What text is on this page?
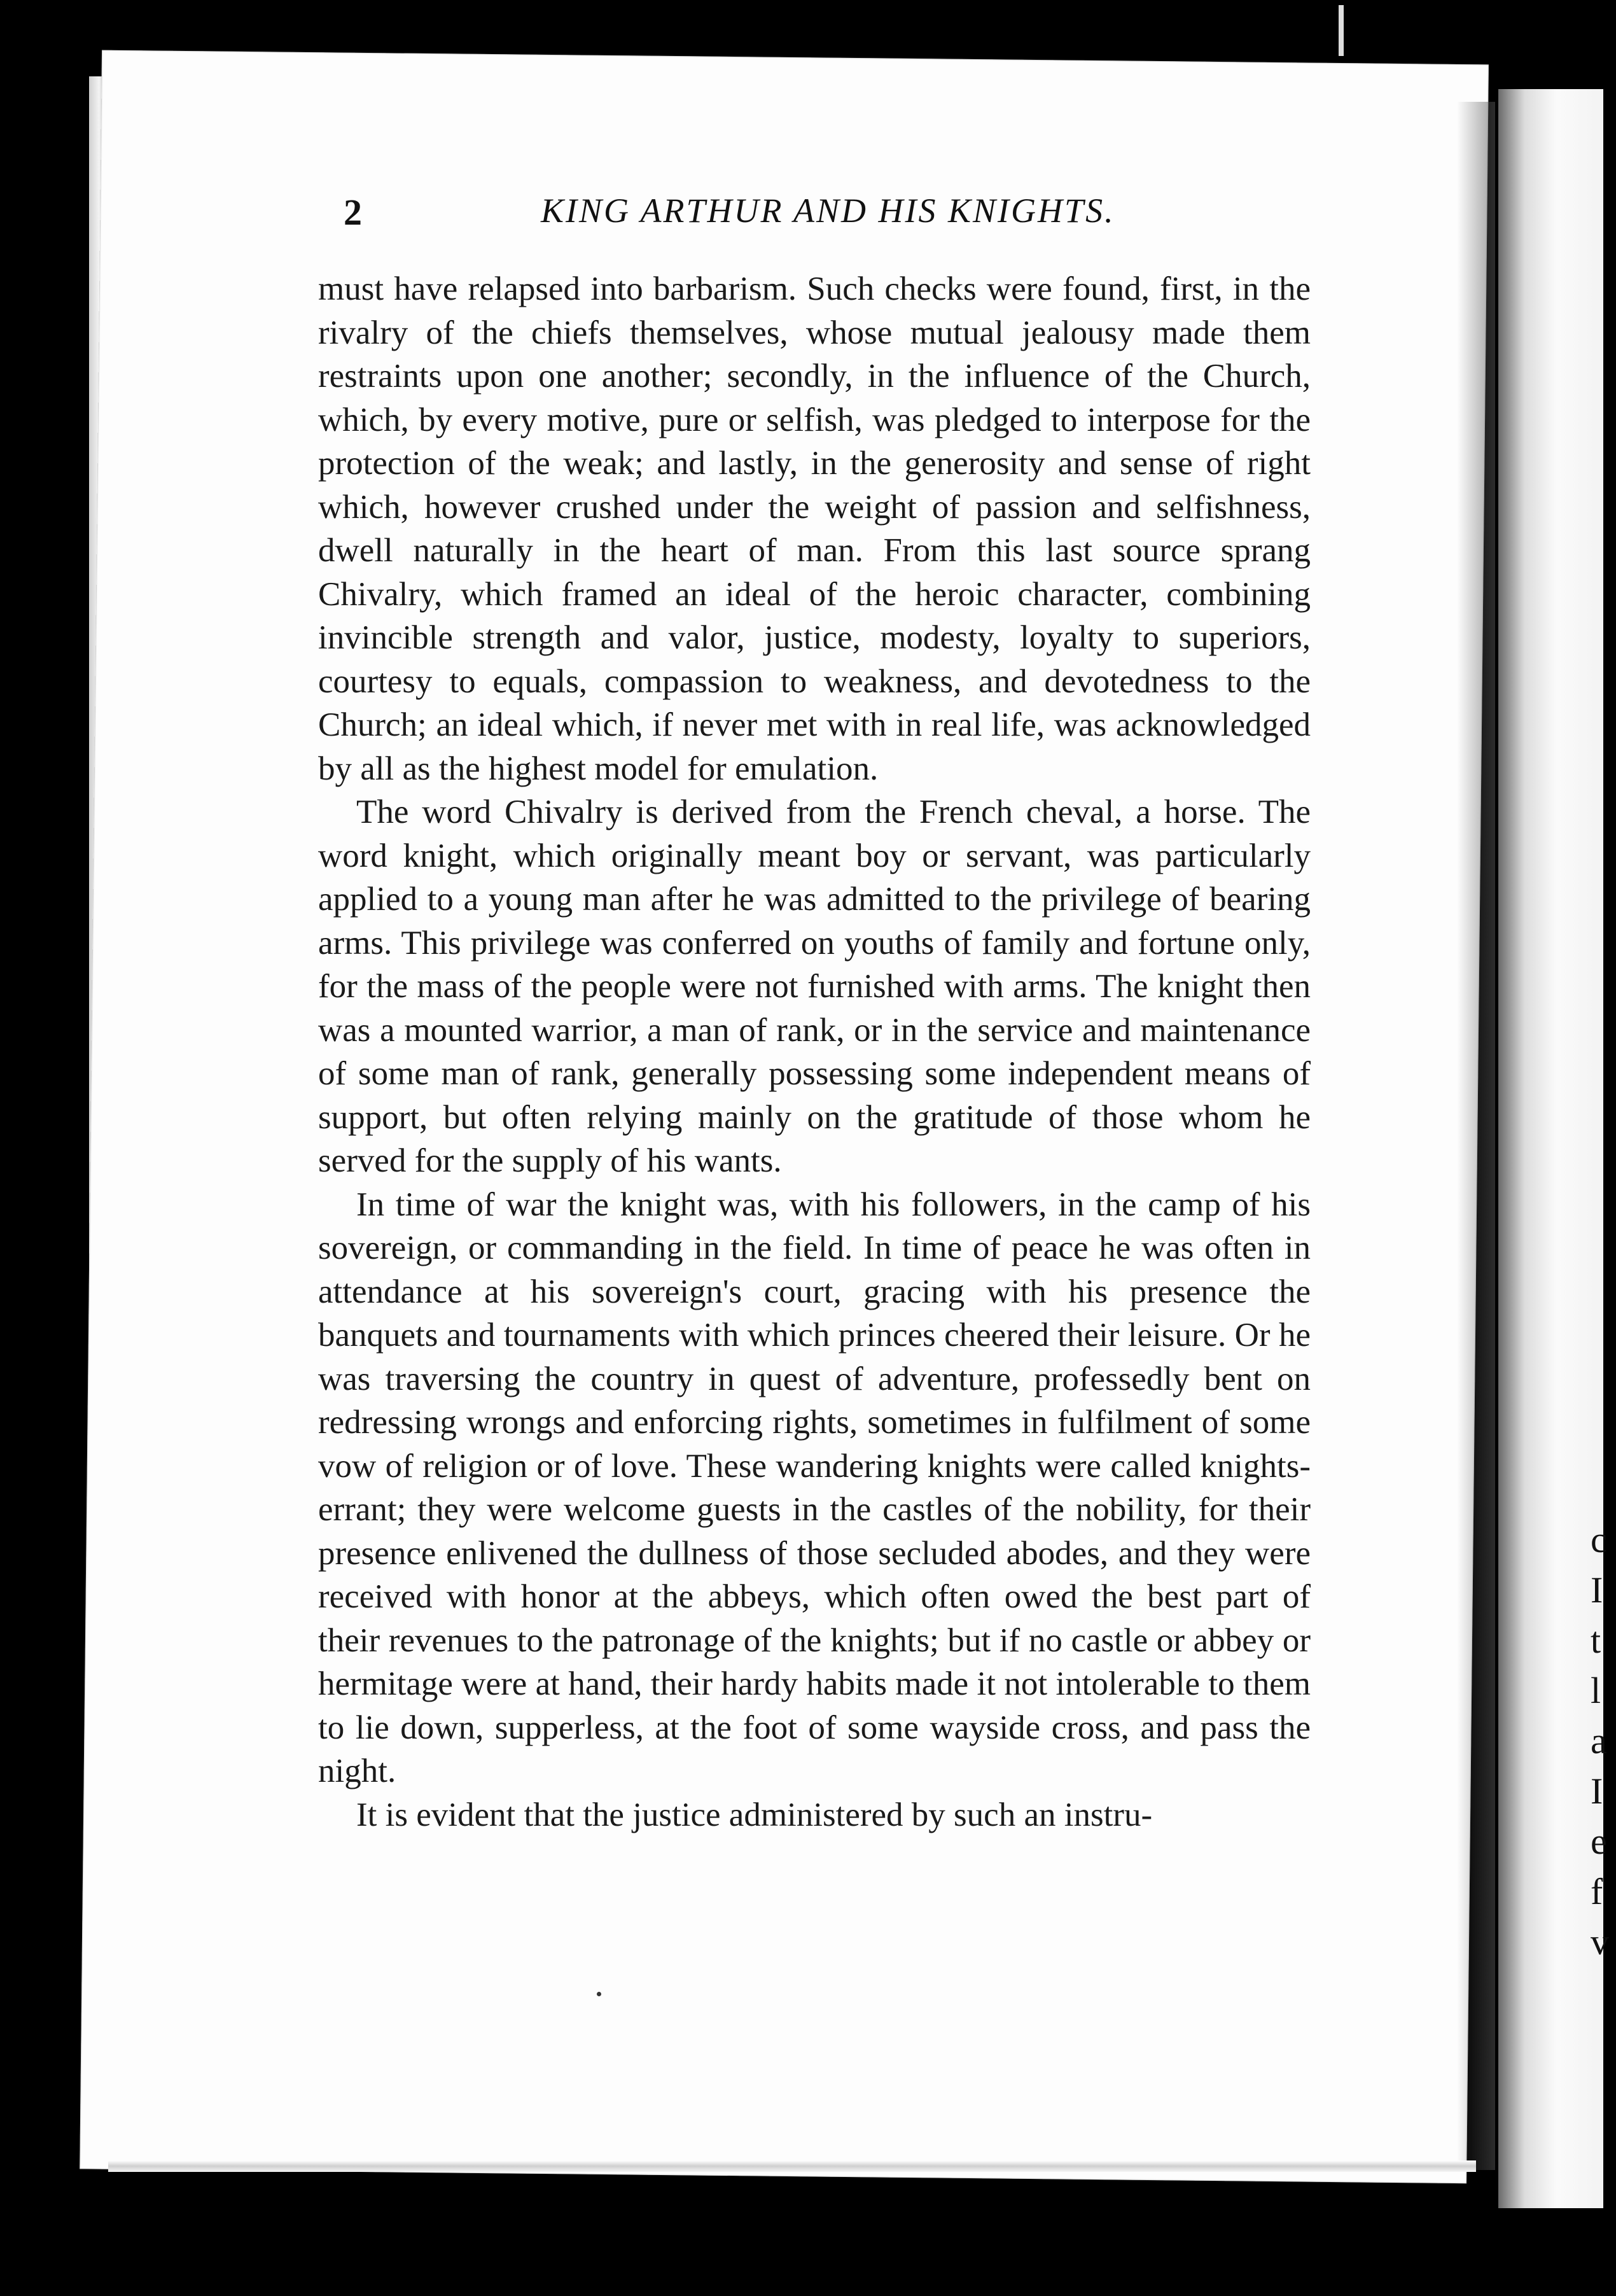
c
I
t
l
a
I
e
f
v
2	KING ARTHUR AND HIS KNIGHTS.

must have relapsed into barbarism. Such checks were found, first, in the rivalry of the chiefs themselves, whose mutual jealousy made them restraints upon one another; secondly, in the influence of the Church, which, by every motive, pure or selfish, was pledged to interpose for the protection of the weak; and lastly, in the generosity and sense of right which, however crushed under the weight of passion and selfishness, dwell naturally in the heart of man. From this last source sprang Chivalry, which framed an ideal of the heroic character, combining invincible strength and valor, justice, modesty, loyalty to superiors, courtesy to equals, compassion to weakness, and devotedness to the Church; an ideal which, if never met with in real life, was acknowledged by all as the highest model for emulation.

The word Chivalry is derived from the French cheval, a horse. The word knight, which originally meant boy or servant, was particularly applied to a young man after he was admitted to the privilege of bearing arms. This privilege was conferred on youths of family and fortune only, for the mass of the people were not furnished with arms. The knight then was a mounted warrior, a man of rank, or in the service and maintenance of some man of rank, generally possessing some independent means of support, but often relying mainly on the gratitude of those whom he served for the supply of his wants.

In time of war the knight was, with his followers, in the camp of his sovereign, or commanding in the field. In time of peace he was often in attendance at his sovereign's court, gracing with his presence the banquets and tournaments with which princes cheered their leisure. Or he was traversing the country in quest of adventure, professedly bent on redressing wrongs and enforcing rights, sometimes in fulfilment of some vow of religion or of love. These wandering knights were called knights-errant; they were welcome guests in the castles of the nobility, for their presence enlivened the dullness of those secluded abodes, and they were received with honor at the abbeys, which often owed the best part of their revenues to the patronage of the knights; but if no castle or abbey or hermitage were at hand, their hardy habits made it not intolerable to them to lie down, supperless, at the foot of some wayside cross, and pass the night.

It is evident that the justice administered by such an instru-
